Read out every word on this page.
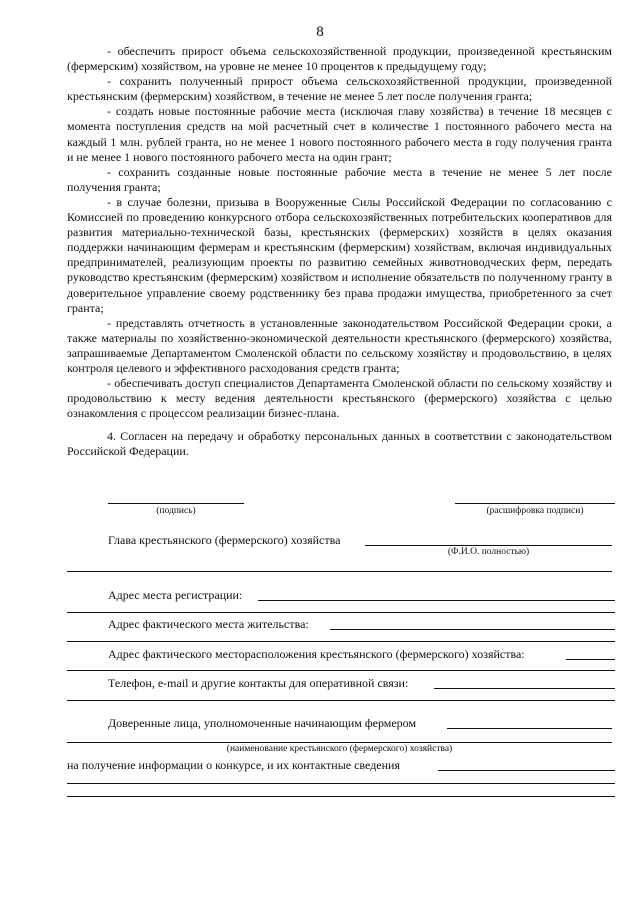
8

- обеспечить прирост объема сельскохозяйственной продукции, произведенной крестьянским (фермерским) хозяйством, на уровне не менее 10 процентов к предыдущему году;

- сохранить полученный прирост объема сельскохозяйственной продукции, произведенной крестьянским (фермерским) хозяйством, в течение не менее 5 лет после получения гранта;

- создать новые постоянные рабочие места (исключая главу хозяйства) в течение 18 месяцев с момента поступления средств на мой расчетный счет в количестве 1 постоянного рабочего места на каждый 1 млн. рублей гранта, но не менее 1 нового постоянного рабочего места в году получения гранта и не менее 1 нового постоянного рабочего места на один грант;

- сохранить созданные новые постоянные рабочие места в течение не менее 5 лет после получения гранта;

- в случае болезни, призыва в Вооруженные Силы Российской Федерации по согласованию с Комиссией по проведению конкурсного отбора сельскохозяйственных потребительских кооперативов для развития материально-технической базы, крестьянских (фермерских) хозяйств в целях оказания поддержки начинающим фермерам и крестьянским (фермерским) хозяйствам, включая индивидуальных предпринимателей, реализующим проекты по развитию семейных животноводческих ферм, передать руководство крестьянским (фермерским) хозяйством и исполнение обязательств по полученному гранту в доверительное управление своему родственнику без права продажи имущества, приобретенного за счет гранта;

- представлять отчетность в установленные законодательством Российской Федерации сроки, а также материалы по хозяйственно-экономической деятельности крестьянского (фермерского) хозяйства, запрашиваемые Департаментом Смоленской области по сельскому хозяйству и продовольствию, в целях контроля целевого и эффективного расходования средств гранта;

- обеспечивать доступ специалистов Департамента Смоленской области по сельскому хозяйству и продовольствию к месту ведения деятельности крестьянского (фермерского) хозяйства с целью ознакомления с процессом реализации бизнес-плана.

4. Согласен на передачу и обработку персональных данных в соответствии с законодательством Российской Федерации.

(подпись)	(расшифровка подписи)
Глава крестьянского (фермерского) хозяйства
(Ф.И.О. полностью)
Адрес места регистрации:
Адрес фактического места жительства:
Адрес фактического месторасположения крестьянского (фермерского) хозяйства:
Телефон, e-mail и другие контакты для оперативной связи:
Доверенные лица, уполномоченные начинающим фермером
(наименование крестьянского (фермерского) хозяйства)
на получение информации о конкурсе, и их контактные сведения
